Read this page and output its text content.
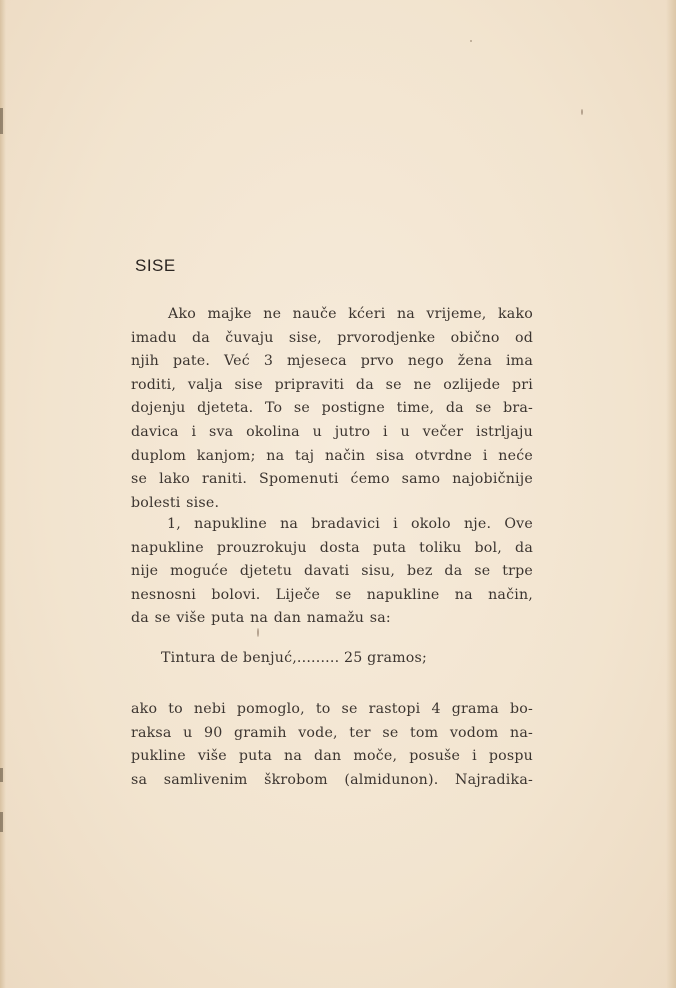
SISE
Ako majke ne nauče kćeri na vrijeme, kako
imadu da čuvaju sise, prvorodjenke obično od
njih pate. Već 3 mjeseca prvo nego žena ima
roditi, valja sise pripraviti da se ne ozlijede pri
dojenju djeteta. To se postigne time, da se bra-
davica i sva okolina u jutro i u večer istrljaju
duplom kanjom; na taj način sisa otvrdne i neće
se lako raniti. Spomenuti ćemo samo najobičnije
bolesti sise.
1, napukline na bradavici i okolo nje. Ove
napukline prouzrokuju dosta puta toliku bol, da
nije moguće djetetu davati sisu, bez da se trpe
nesnosni bolovi. Liječe se napukline na način,
da se više puta na dan namažu sa:
Tintura de benjuć,......... 25 gramos;
ako to nebi pomoglo, to se rastopi 4 grama bo-
raksa u 90 gramih vode, ter se tom vodom na-
pukline više puta na dan moče, posuše i pospu
sa samlivenim škrobom (almidunon). Najradika-
